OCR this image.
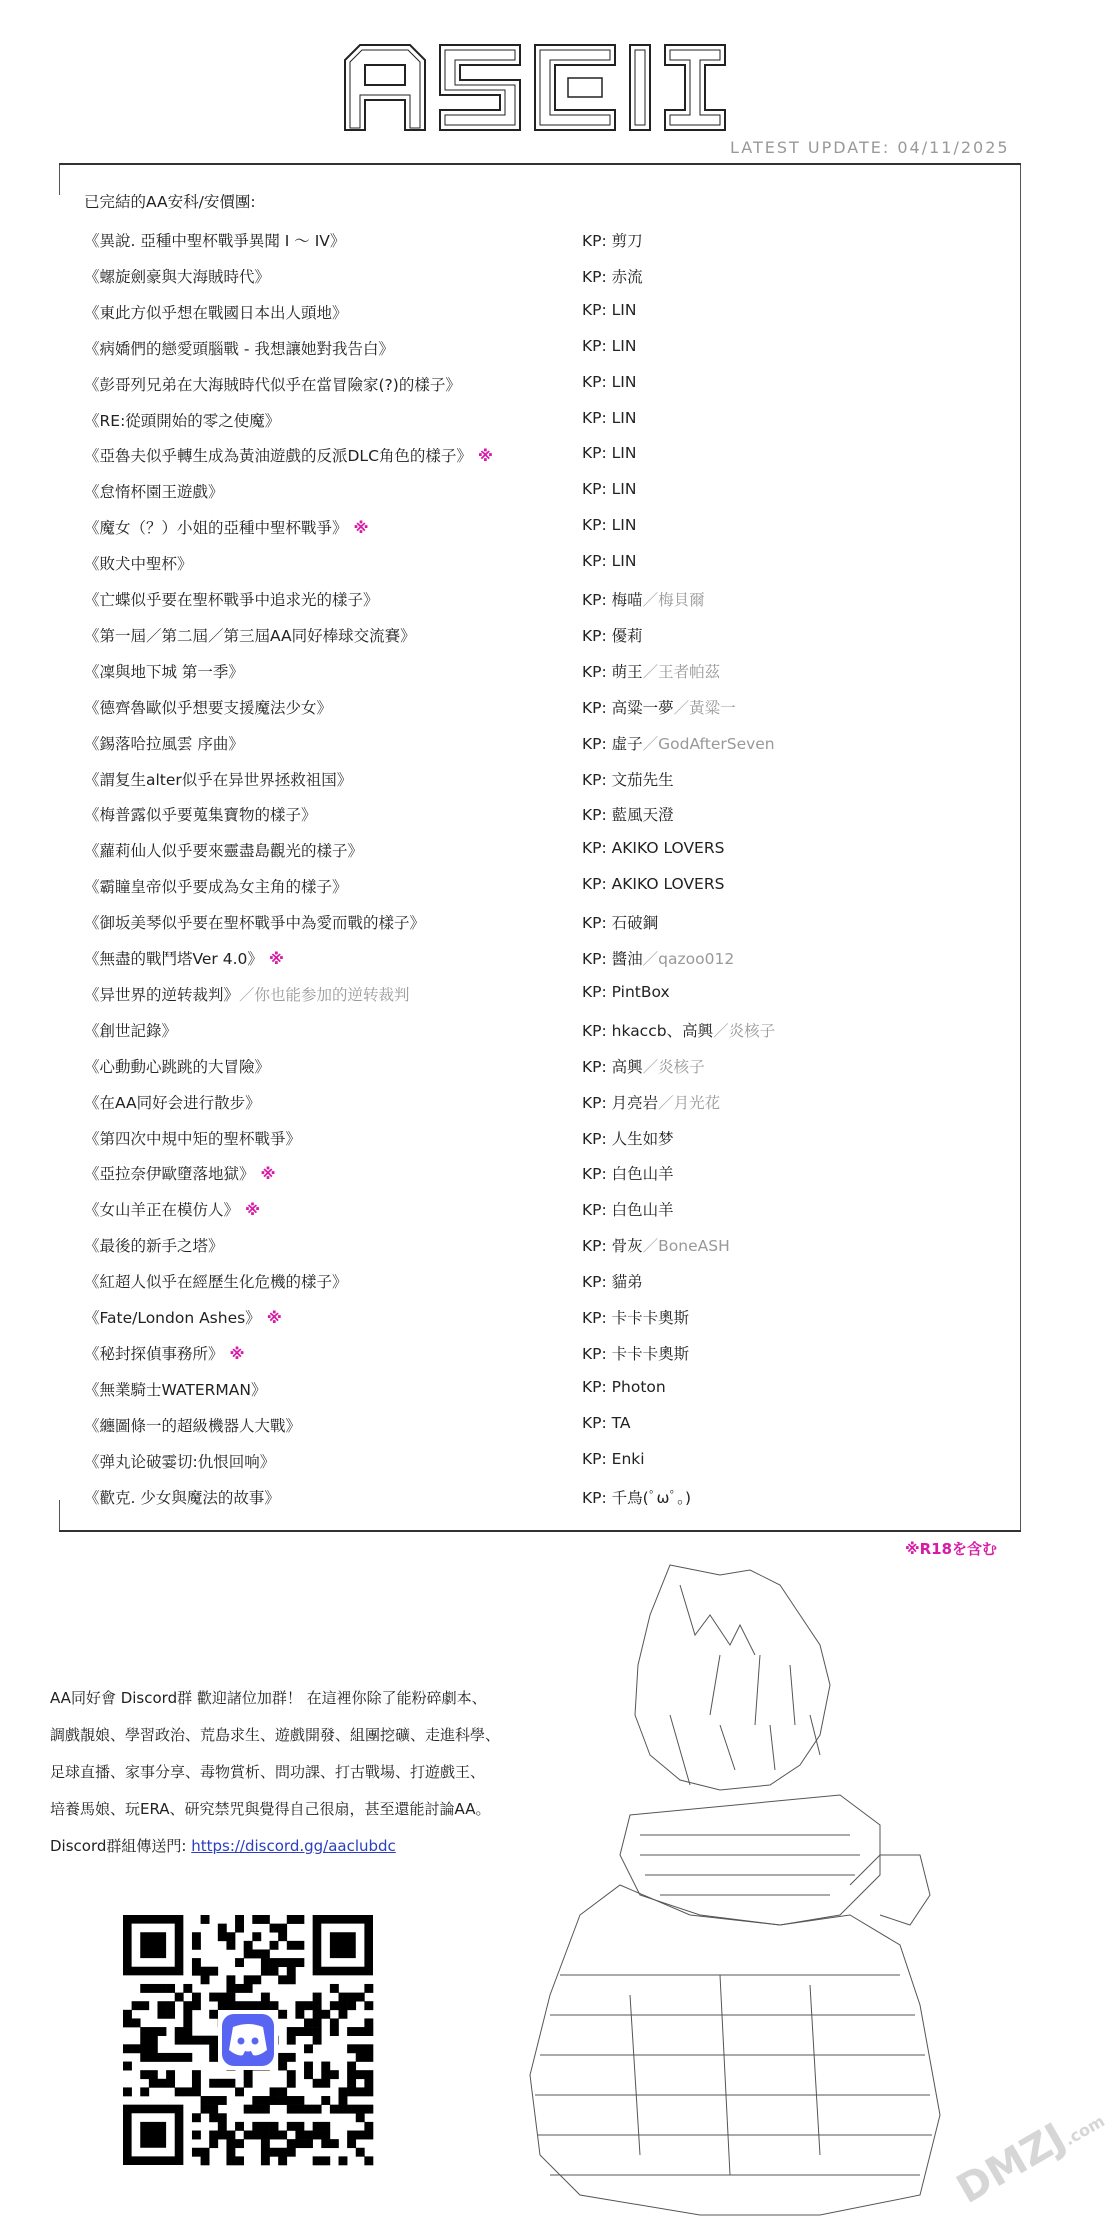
LATEST UPDATE: 04/11/2025
已完結的AA安科/安價團:
《異說. 亞種中聖杯戰爭異聞 I ～ IV》	KP: 剪刀
《螺旋劍豪與大海賊時代》	KP: 赤流
《東此方似乎想在戰國日本出人頭地》	KP: LIN
《病嬌們的戀愛頭腦戰 - 我想讓她對我告白》	KP: LIN
《彭哥列兄弟在大海賊時代似乎在當冒險家(?)的樣子》	KP: LIN
《RE:從頭開始的零之使魔》	KP: LIN
《亞魯夫似乎轉生成為黃油遊戲的反派DLC角色的樣子》 ※	KP: LIN
《怠惰杯園王遊戲》	KP: LIN
《魔女（？）小姐的亞種中聖杯戰爭》 ※	KP: LIN
《敗犬中聖杯》	KP: LIN
《亡蝶似乎要在聖杯戰爭中追求光的樣子》	KP: 梅喵／梅貝爾
《第一屆／第二屆／第三屆AA同好棒球交流賽》	KP: 優莉
《凜與地下城 第一季》	KP: 萌王／王者帕茲
《德齊魯歐似乎想要支援魔法少女》	KP: 高粱一夢／黃粱一
《錫落哈拉風雲 序曲》	KP: 虛子／GodAfterSeven
《謂复生alter似乎在异世界拯救祖国》	KP: 文茄先生
《梅普露似乎要蒐集寶物的樣子》	KP: 藍風天澄
《蘿莉仙人似乎要來靈盡島觀光的樣子》	KP: AKIKO LOVERS
《霸瞳皇帝似乎要成為女主角的樣子》	KP: AKIKO LOVERS
《御坂美琴似乎要在聖杯戰爭中為愛而戰的樣子》	KP: 石破鋼
《無盡的戰鬥塔Ver 4.0》 ※	KP: 醬油／qazoo012
《异世界的逆转裁判》／你也能参加的逆转裁判	KP: PintBox
《創世記錄》	KP: hkaccb、高興／炎核子
《心動動心跳跳的大冒險》	KP: 高興／炎核子
《在AA同好会进行散步》	KP: 月亮岩／月光花
《第四次中規中矩的聖杯戰爭》	KP: 人生如梦
《亞拉奈伊歐墮落地獄》 ※	KP: 白色山羊
《女山羊正在模仿人》 ※	KP: 白色山羊
《最後的新手之塔》	KP: 骨灰／BoneASH
《紅超人似乎在經歷生化危機的樣子》	KP: 貓弟
《Fate/London Ashes》 ※	KP: 卡卡卡奧斯
《秘封探偵事務所》 ※	KP: 卡卡卡奧斯
《無業騎士WATERMAN》	KP: Photon
《纏圖條一的超級機器人大戰》	KP: TA
《弹丸论破霎切:仇恨回响》	KP: Enki
《歡克. 少女與魔法的故事》	KP: 千鳥(ﾟωﾟ。)
※R18を含む
AA同好會 Discord群 歡迎諸位加群！ 在這裡你除了能粉碎劇本、
調戲靚娘、學習政治、荒島求生、遊戲開發、組團挖礦、走進科學、
足球直播、家事分享、毒物賞析、問功課、打古戰場、打遊戲王、
培養馬娘、玩ERA、研究禁咒與覺得自己很扇，甚至還能討論AA。
Discord群組傳送門: https://discord.gg/aaclubdc
DMZJ.com
